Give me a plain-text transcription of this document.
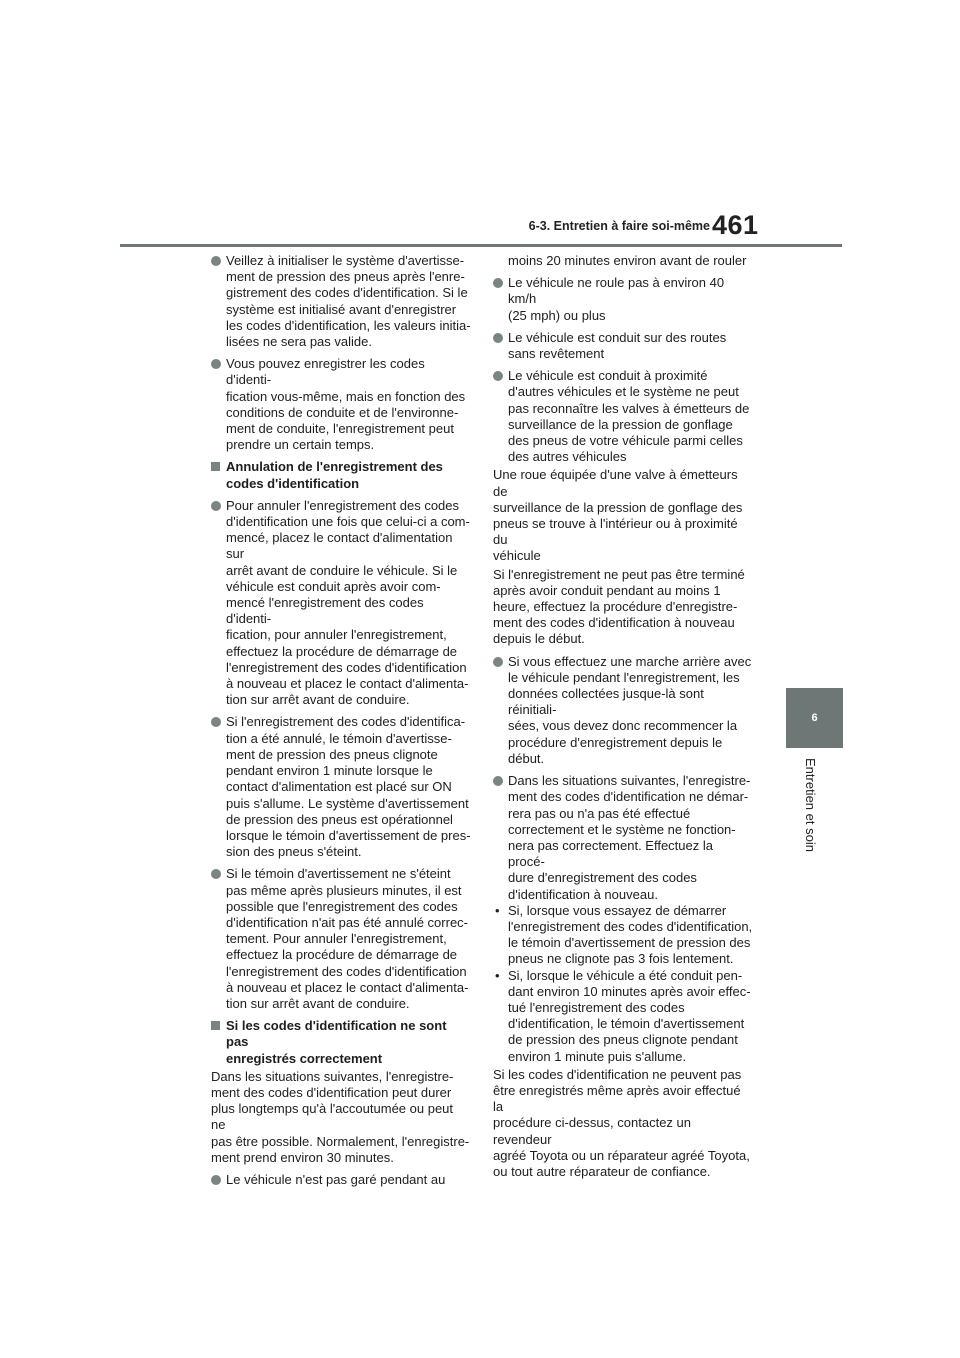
6-3. Entretien à faire soi-même 461
6
Entretien et soin
Veillez à initialiser le système d'avertisse-
ment de pression des pneus après l'enre-
gistrement des codes d'identification. Si le
système est initialisé avant d'enregistrer
les codes d'identification, les valeurs initia-
lisées ne sera pas valide.
Vous pouvez enregistrer les codes d'identi-
fication vous-même, mais en fonction des
conditions de conduite et de l'environne-
ment de conduite, l'enregistrement peut
prendre un certain temps.
Annulation de l'enregistrement des
codes d'identification
Pour annuler l'enregistrement des codes
d'identification une fois que celui-ci a com-
mencé, placez le contact d'alimentation sur
arrêt avant de conduire le véhicule. Si le
véhicule est conduit après avoir com-
mencé l'enregistrement des codes d'identi-
fication, pour annuler l'enregistrement,
effectuez la procédure de démarrage de
l'enregistrement des codes d'identification
à nouveau et placez le contact d'alimenta-
tion sur arrêt avant de conduire.
Si l'enregistrement des codes d'identifica-
tion a été annulé, le témoin d'avertisse-
ment de pression des pneus clignote
pendant environ 1 minute lorsque le
contact d'alimentation est placé sur ON
puis s'allume. Le système d'avertissement
de pression des pneus est opérationnel
lorsque le témoin d'avertissement de pres-
sion des pneus s'éteint.
Si le témoin d'avertissement ne s'éteint
pas même après plusieurs minutes, il est
possible que l'enregistrement des codes
d'identification n'ait pas été annulé correc-
tement. Pour annuler l'enregistrement,
effectuez la procédure de démarrage de
l'enregistrement des codes d'identification
à nouveau et placez le contact d'alimenta-
tion sur arrêt avant de conduire.
Si les codes d'identification ne sont pas
enregistrés correctement
Dans les situations suivantes, l'enregistre-
ment des codes d'identification peut durer
plus longtemps qu'à l'accoutumée ou peut ne
pas être possible. Normalement, l'enregistre-
ment prend environ 30 minutes.
Le véhicule n'est pas garé pendant au
moins 20 minutes environ avant de rouler
Le véhicule ne roule pas à environ 40 km/h
(25 mph) ou plus
Le véhicule est conduit sur des routes
sans revêtement
Le véhicule est conduit à proximité
d'autres véhicules et le système ne peut
pas reconnaître les valves à émetteurs de
surveillance de la pression de gonflage
des pneus de votre véhicule parmi celles
des autres véhicules
Une roue équipée d'une valve à émetteurs de
surveillance de la pression de gonflage des
pneus se trouve à l'intérieur ou à proximité du
véhicule
Si l'enregistrement ne peut pas être terminé
après avoir conduit pendant au moins 1
heure, effectuez la procédure d'enregistre-
ment des codes d'identification à nouveau
depuis le début.
Si vous effectuez une marche arrière avec
le véhicule pendant l'enregistrement, les
données collectées jusque-là sont réinitiali-
sées, vous devez donc recommencer la
procédure d'enregistrement depuis le
début.
Dans les situations suivantes, l'enregistre-
ment des codes d'identification ne démar-
rera pas ou n'a pas été effectué
correctement et le système ne fonction-
nera pas correctement. Effectuez la procé-
dure d'enregistrement des codes
d'identification à nouveau.
• Si, lorsque vous essayez de démarrer
l'enregistrement des codes d'identification,
le témoin d'avertissement de pression des
pneus ne clignote pas 3 fois lentement.
• Si, lorsque le véhicule a été conduit pen-
dant environ 10 minutes après avoir effec-
tué l'enregistrement des codes
d'identification, le témoin d'avertissement
de pression des pneus clignote pendant
environ 1 minute puis s'allume.
Si les codes d'identification ne peuvent pas
être enregistrés même après avoir effectué la
procédure ci-dessus, contactez un revendeur
agréé Toyota ou un réparateur agréé Toyota,
ou tout autre réparateur de confiance.
